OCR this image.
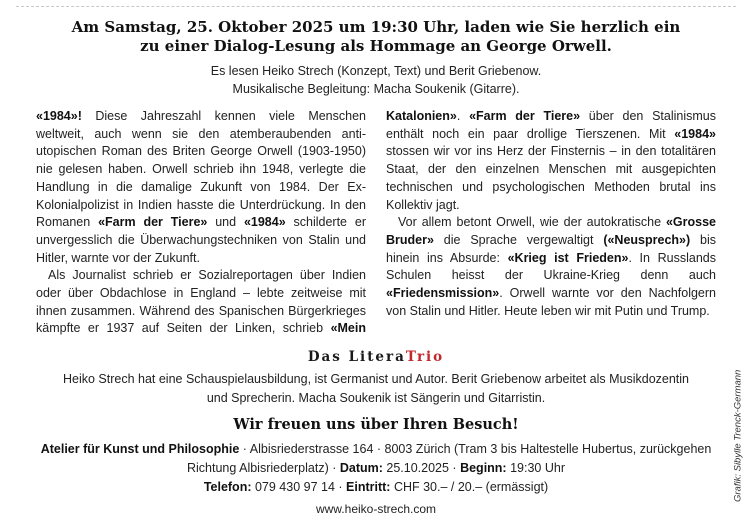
Am Samstag, 25. Oktober 2025 um 19:30 Uhr, laden wie Sie herzlich ein
zu einer Dialog-Lesung als Hommage an George Orwell.
Es lesen Heiko Strech (Konzept, Text) und Berit Griebenow.
Musikalische Begleitung: Macha Soukenik (Gitarre).

«1984»! Diese Jahreszahl kennen viele Menschen weltweit, auch wenn sie den atemberaubenden antiutopischen Roman des Briten George Orwell (1903-1950) nie gelesen haben. Orwell schrieb ihn 1948, verlegte die Handlung in die damalige Zukunft von 1984. Der Ex-Kolonialpolizist in Indien hasste die Unterdrückung. In den Romanen «Farm der Tiere» und «1984» schilderte er unvergesslich die Überwachungstechniken von Stalin und Hitler, warnte vor der Zukunft.

Als Journalist schrieb er Sozialreportagen über Indien oder über Obdachlose in England – lebte zeitweise mit ihnen zusammen. Während des Spanischen Bürgerkrieges kämpfte er 1937 auf Seiten der Linken, schrieb «Mein Katalonien». «Farm der Tiere» über den Stalinismus enthält noch ein paar drollige Tierszenen. Mit «1984» stossen wir vor ins Herz der Finsternis – in den totalitären Staat, der den einzelnen Menschen mit ausgepichten technischen und psychologischen Methoden brutal ins Kollektiv jagt.

Vor allem betont Orwell, wie der autokratische «Grosse Bruder» die Sprache vergewaltigt («Neusprech») bis hinein ins Absurde: «Krieg ist Frieden». In Russlands Schulen heisst der Ukraine-Krieg denn auch «Friedensmission». Orwell warnte vor den Nachfolgern von Stalin und Hitler. Heute leben wir mit Putin und Trump.

Das LiteraTrio
Heiko Strech hat eine Schauspielausbildung, ist Germanist und Autor. Berit Griebenow arbeitet als Musikdozentin und Sprecherin. Macha Soukenik ist Sängerin und Gitarristin.
Wir freuen uns über Ihren Besuch!
Atelier für Kunst und Philosophie · Albisriederstrasse 164 · 8003 Zürich (Tram 3 bis Haltestelle Hubertus, zurückgehen Richtung Albisriederplatz) · Datum: 25.10.2025 · Beginn: 19:30 Uhr
Telefon: 079 430 97 14 · Eintritt: CHF 30.– / 20.– (ermässigt)
www.heiko-strech.com
Grafik: Sibylle Trenck-Germann
